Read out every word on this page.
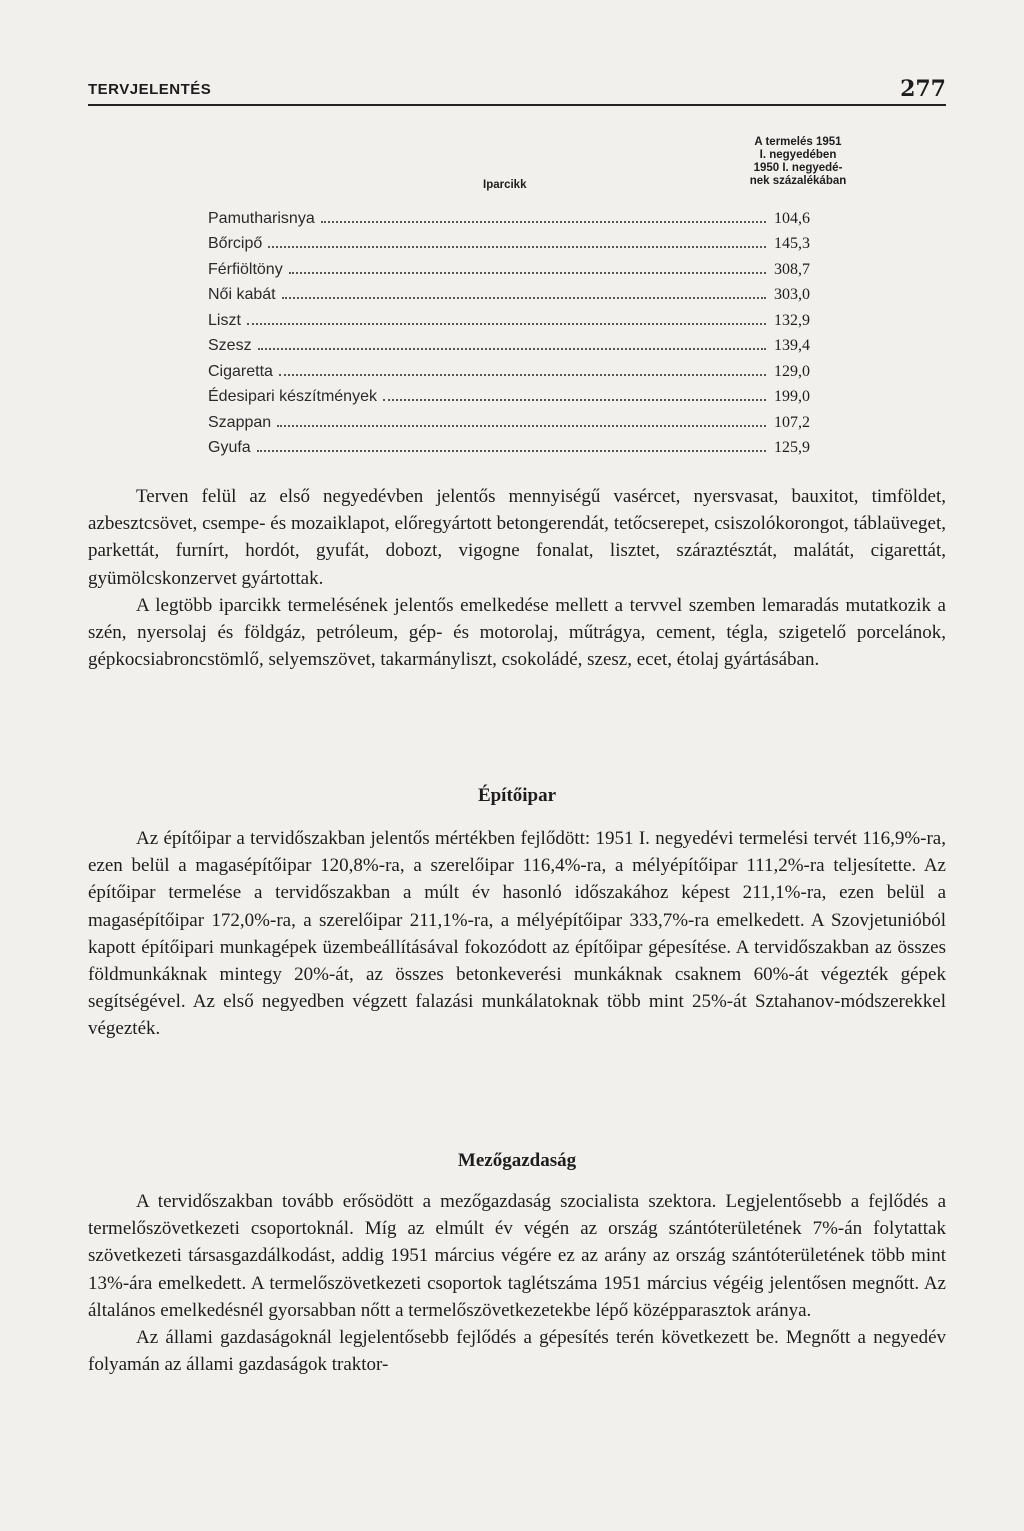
TERVJELENTÉS	277
Iparcikk
A termelés 1951
I. negyedében
1950 I. negyedé-
nek százalékában
Pamutharisnya	104,6
Bőrcipő	145,3
Férfiöltöny	308,7
Női kabát	303,0
Liszt	132,9
Szesz	139,4
Cigaretta	129,0
Édesipari készítmények	199,0
Szappan	107,2
Gyufa	125,9

Terven felül az első negyedévben jelentős mennyiségű vasércet, nyersvasat, bauxitot, timföldet, azbesztcsövet, csempe- és mozaiklapot, előregyártott betongerendát, tetőcserepet, csiszolókorongot, táblaüveget, parkettát, furnírt, hordót, gyufát, dobozt, vigogne fonalat, lisztet, száraztésztát, malátát, cigarettát, gyümölcskonzervet gyártottak.

A legtöbb iparcikk termelésének jelentős emelkedése mellett a tervvel szemben lemaradás mutatkozik a szén, nyersolaj és földgáz, petróleum, gép- és motorolaj, műtrágya, cement, tégla, szigetelő porcelánok, gépkocsiabroncstömlő, selyemszövet, takarmányliszt, csokoládé, szesz, ecet, étolaj gyártásában.

Építőipar

Az építőipar a tervidőszakban jelentős mértékben fejlődött: 1951 I. negyedévi termelési tervét 116,9%-ra, ezen belül a magasépítőipar 120,8%-ra, a szerelőipar 116,4%-ra, a mélyépítőipar 111,2%-ra teljesítette. Az építőipar termelése a tervidőszakban a múlt év hasonló időszakához képest 211,1%-ra, ezen belül a magasépítőipar 172,0%-ra, a szerelőipar 211,1%-ra, a mélyépítőipar 333,7%-ra emelkedett. A Szovjetunióból kapott építőipari munkagépek üzembeállításával fokozódott az építőipar gépesítése. A tervidőszakban az összes földmunkáknak mintegy 20%-át, az összes betonkeverési munkáknak csaknem 60%-át végezték gépek segítségével. Az első negyedben végzett falazási munkálatoknak több mint 25%-át Sztahanov-módszerekkel végezték.

Mezőgazdaság

A tervidőszakban tovább erősödött a mezőgazdaság szocialista szektora. Legjelentősebb a fejlődés a termelőszövetkezeti csoportoknál. Míg az elmúlt év végén az ország szántóterületének 7%-án folytattak szövetkezeti társasgazdálkodást, addig 1951 március végére ez az arány az ország szántóterületének több mint 13%-ára emelkedett. A termelőszövetkezeti csoportok taglétszáma 1951 március végéig jelentősen megnőtt. Az általános emelkedésnél gyorsabban nőtt a termelőszövetkezetekbe lépő középparasztok aránya.

Az állami gazdaságoknál legjelentősebb fejlődés a gépesítés terén következett be. Megnőtt a negyedév folyamán az állami gazdaságok traktor-
